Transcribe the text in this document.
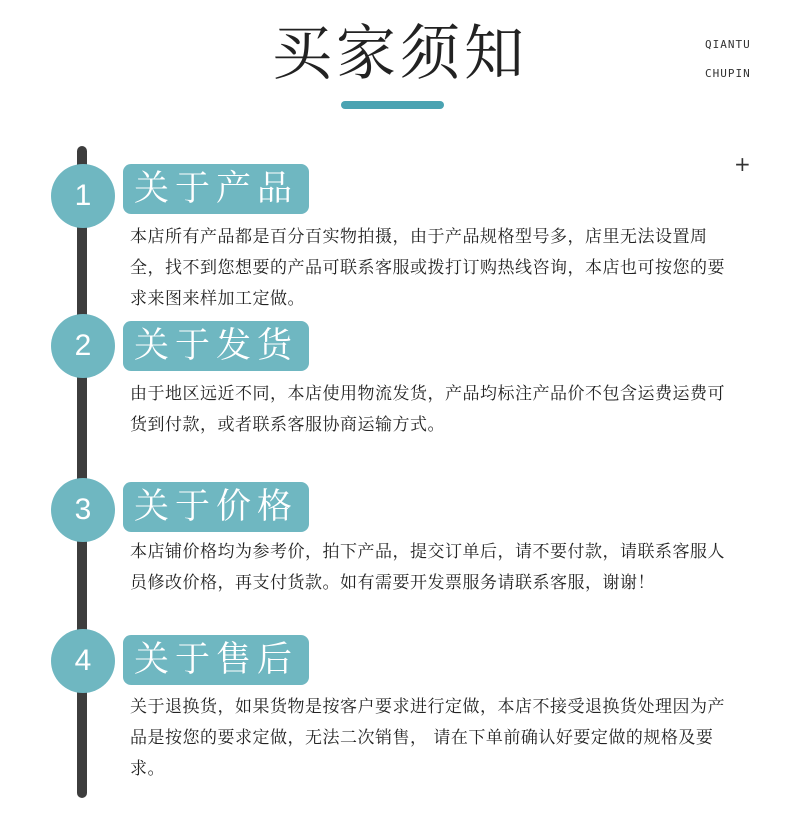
买家须知	QIANTU
CHUPIN
+
1	关于产品
本店所有产品都是百分百实物拍摄，由于产品规格型号多，店里无法设置周全，找不到您想要的产品可联系客服或拨打订购热线咨询，本店也可按您的要求来图来样加工定做。
2	关于发货
由于地区远近不同，本店使用物流发货，产品均标注产品价不包含运费运费可货到付款，或者联系客服协商运输方式。
3	关于价格
本店铺价格均为参考价，拍下产品，提交订单后，请不要付款，请联系客服人员修改价格，再支付货款。如有需要开发票服务请联系客服，谢谢！
4	关于售后
关于退换货，如果货物是按客户要求进行定做，本店不接受退换货处理因为产品是按您的要求定做，无法二次销售， 请在下单前确认好要定做的规格及要求。
